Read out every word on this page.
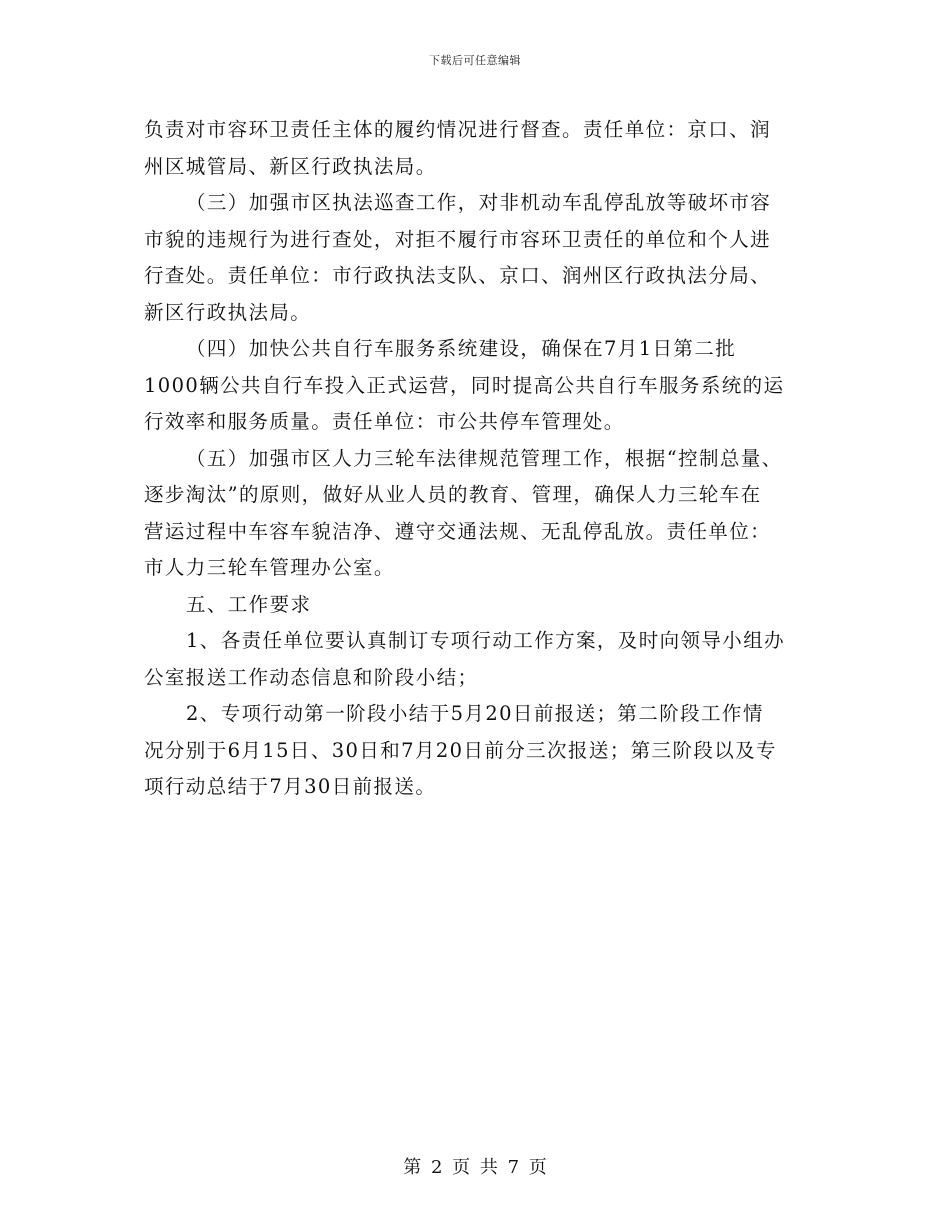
下载后可任意编辑
负责对市容环卫责任主体的履约情况进行督查。责任单位：京口、润
州区城管局、新区行政执法局。
（三）加强市区执法巡查工作，对非机动车乱停乱放等破坏市容
市貌的违规行为进行查处，对拒不履行市容环卫责任的单位和个人进
行查处。责任单位：市行政执法支队、京口、润州区行政执法分局、
新区行政执法局。
（四）加快公共自行车服务系统建设，确保在7月1日第二批
1000辆公共自行车投入正式运营，同时提高公共自行车服务系统的运
行效率和服务质量。责任单位：市公共停车管理处。
（五）加强市区人力三轮车法律规范管理工作，根据“控制总量、
逐步淘汰”的原则，做好从业人员的教育、管理，确保人力三轮车在
营运过程中车容车貌洁净、遵守交通法规、无乱停乱放。责任单位：
市人力三轮车管理办公室。
五、工作要求
1、各责任单位要认真制订专项行动工作方案，及时向领导小组办
公室报送工作动态信息和阶段小结；
2、专项行动第一阶段小结于5月20日前报送；第二阶段工作情
况分别于6月15日、30日和7月20日前分三次报送；第三阶段以及专
项行动总结于7月30日前报送。
第 2 页 共 7 页
